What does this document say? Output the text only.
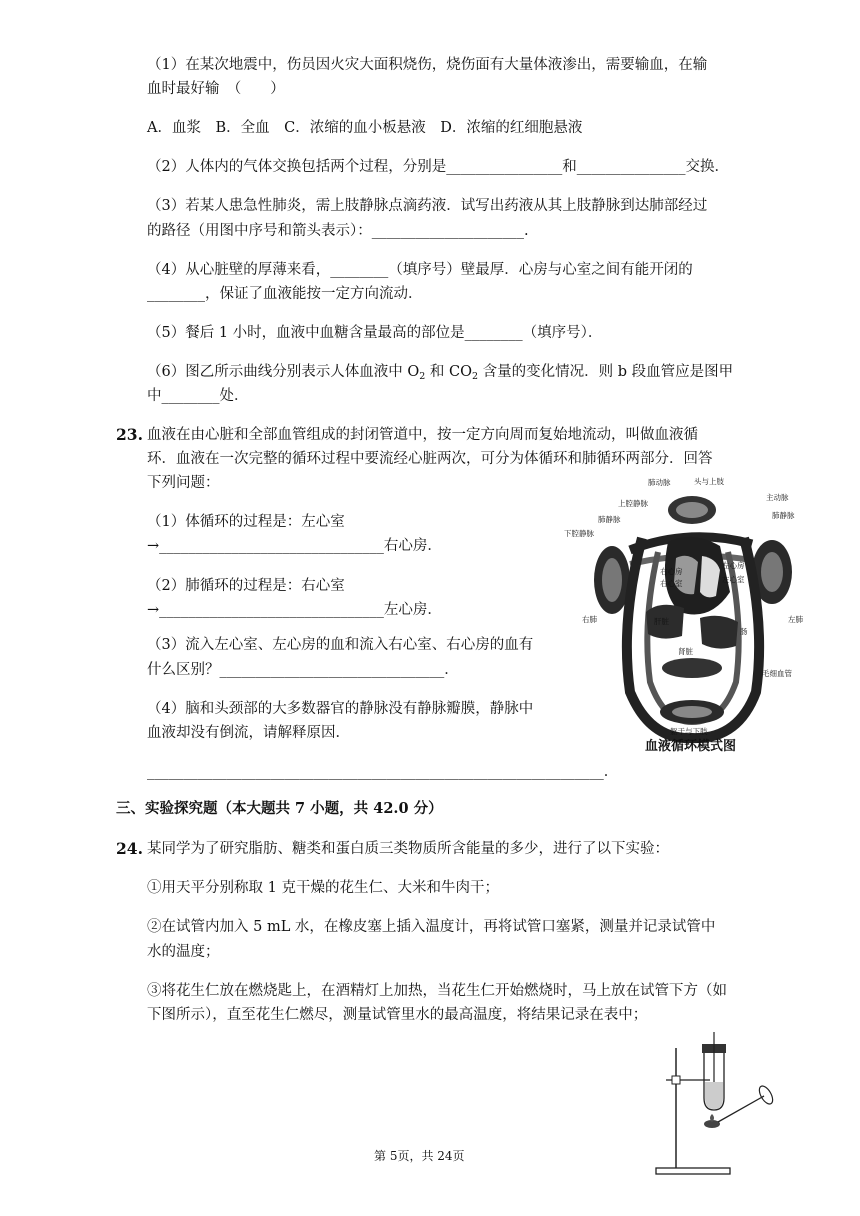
（1）在某次地震中，伤员因火灾大面积烧伤，烧伤面有大量体液渗出，需要输血，在输
血时最好输　（　　）
A．血浆　B．全血　C．浓缩的血小板悬液　D．浓缩的红细胞悬液
（2）人体内的气体交换包括两个过程，分别是________________和_______________交换．
（3）若某人患急性肺炎，需上肢静脉点滴药液．试写出药液从其上肢静脉到达肺部经过
的路径（用图中序号和箭头表示）：_____________________.
（4）从心脏壁的厚薄来看，________（填序号）壁最厚．心房与心室之间有能开闭的
________，保证了血液能按一定方向流动．
（5）餐后 1 小时，血液中血糖含量最高的部位是________（填序号）．
（6）图乙所示曲线分别表示人体血液中 $O_2$ 和 $CO_2$ 含量的变化情况．则 b 段血管应是图甲
中________处．
23. 血液在由心脏和全部血管组成的封闭管道中，按一定方向周而复始地流动，叫做血液循
环．血液在一次完整的循环过程中要流经心脏两次，可分为体循环和肺循环两部分．回答
下列问题：
（1）体循环的过程是：左心室
→_______________________________右心房．
（2）肺循环的过程是：右心室
→_______________________________左心房．
（3）流入左心室、左心房的血和流入右心室、右心房的血有
什么区别？_______________________________．
（4）脑和头颈部的大多数器官的静脉没有静脉瓣膜，静脉中
血液却没有倒流，请解释原因．
_______________________________________________________________．
头与上肢
肺动脉
主动脉
上腔静脉
肺静脉	肺静脉
下腔静脉
左心房
左心室
右心房
右心室
右肺	左肺
肝脏
肠
肾脏
毛细血管
躯干与下肢
血液循环模式图
三、实验探究题（本大题共 7 小题，共 42.0 分）
24. 某同学为了研究脂肪、糖类和蛋白质三类物质所含能量的多少，进行了以下实验：
①用天平分别称取 1 克干燥的花生仁、大米和牛肉干；
②在试管内加入 5 mL 水，在橡皮塞上插入温度计，再将试管口塞紧，测量并记录试管中
水的温度；
③将花生仁放在燃烧匙上，在酒精灯上加热，当花生仁开始燃烧时，马上放在试管下方（如
下图所示），直至花生仁燃尽，测量试管里水的最高温度，将结果记录在表中；
第 5页，共 24页
